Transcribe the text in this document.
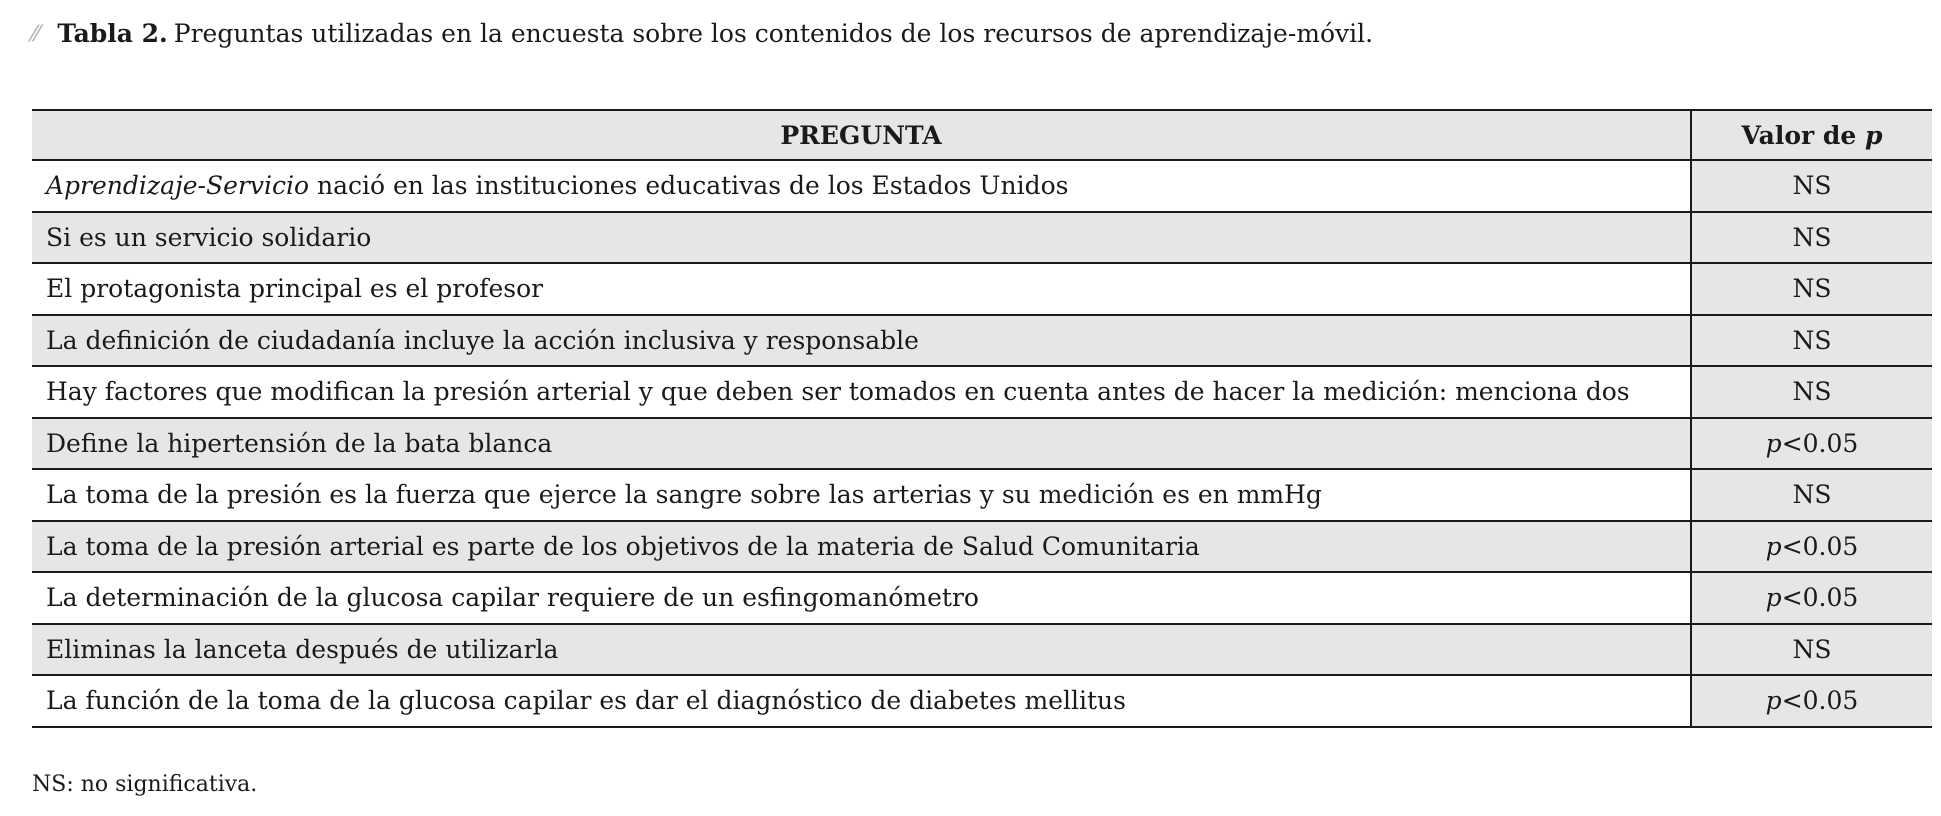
⁄⁄ Tabla 2. Preguntas utilizadas en la encuesta sobre los contenidos de los recursos de aprendizaje-móvil.
PREGUNTA	Valor de p
Aprendizaje-Servicio nació en las instituciones educativas de los Estados Unidos	NS
Si es un servicio solidario	NS
El protagonista principal es el profesor	NS
La definición de ciudadanía incluye la acción inclusiva y responsable	NS
Hay factores que modifican la presión arterial y que deben ser tomados en cuenta antes de hacer la medición: menciona dos	NS
Define la hipertensión de la bata blanca	p<0.05
La toma de la presión es la fuerza que ejerce la sangre sobre las arterias y su medición es en mmHg	NS
La toma de la presión arterial es parte de los objetivos de la materia de Salud Comunitaria	p<0.05
La determinación de la glucosa capilar requiere de un esfingomanómetro	p<0.05
Eliminas la lanceta después de utilizarla	NS
La función de la toma de la glucosa capilar es dar el diagnóstico de diabetes mellitus	p<0.05
NS: no significativa.
